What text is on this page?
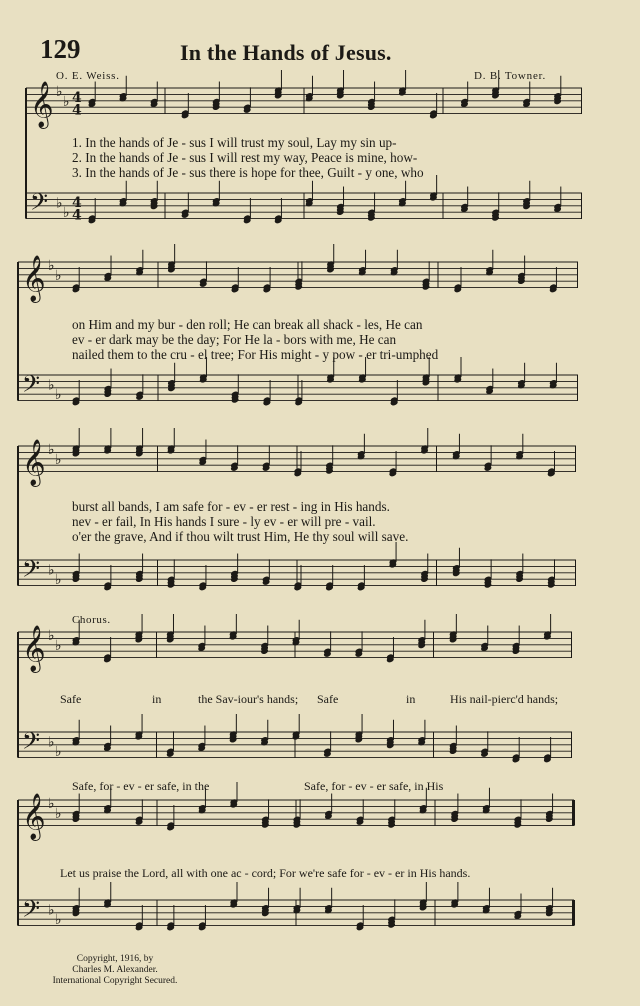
129	In the Hands of Jesus.
O. E. Weiss.	D. B. Towner.
𝄞 ♭
♭ 4
4
𝄢 ♭
♭
4
4
𝄞 ♭
♭
𝄢 ♭
♭
𝄞 ♭
♭
𝄢 ♭
♭
𝄞 ♭
♭
𝄢 ♭
♭
𝄞 ♭
♭
𝄢 ♭
♭
1. In the hands of Je - sus I will trust my soul, Lay my sin up-
2. In the hands of Je - sus I will rest my way, Peace is mine, how-
3. In the hands of Je - sus there is hope for thee, Guilt - y one, who
on Him and my bur - den roll; He can break all shack - les, He can
ev - er dark may be the day; For He la - bors with me, He can
nailed them to the cru - el tree; For His might - y pow - er tri-umphed
burst all bands, I am safe for - ev - er rest - ing in His hands.
nev - er fail, In His hands I sure - ly ev - er will pre - vail.
o'er the grave, And if thou wilt trust Him, He thy soul will save.
Chorus.
Safe	in	the Sav-iour's hands; Safe	in	His nail-pierc'd hands;
Safe, for - ev - er safe, in the	Safe, for - ev - er safe, in His
Let us praise the Lord, all with one ac - cord; For we're safe for - ev - er in His hands.
Copyright, 1916, by
Charles M. Alexander.
International Copyright Secured.
